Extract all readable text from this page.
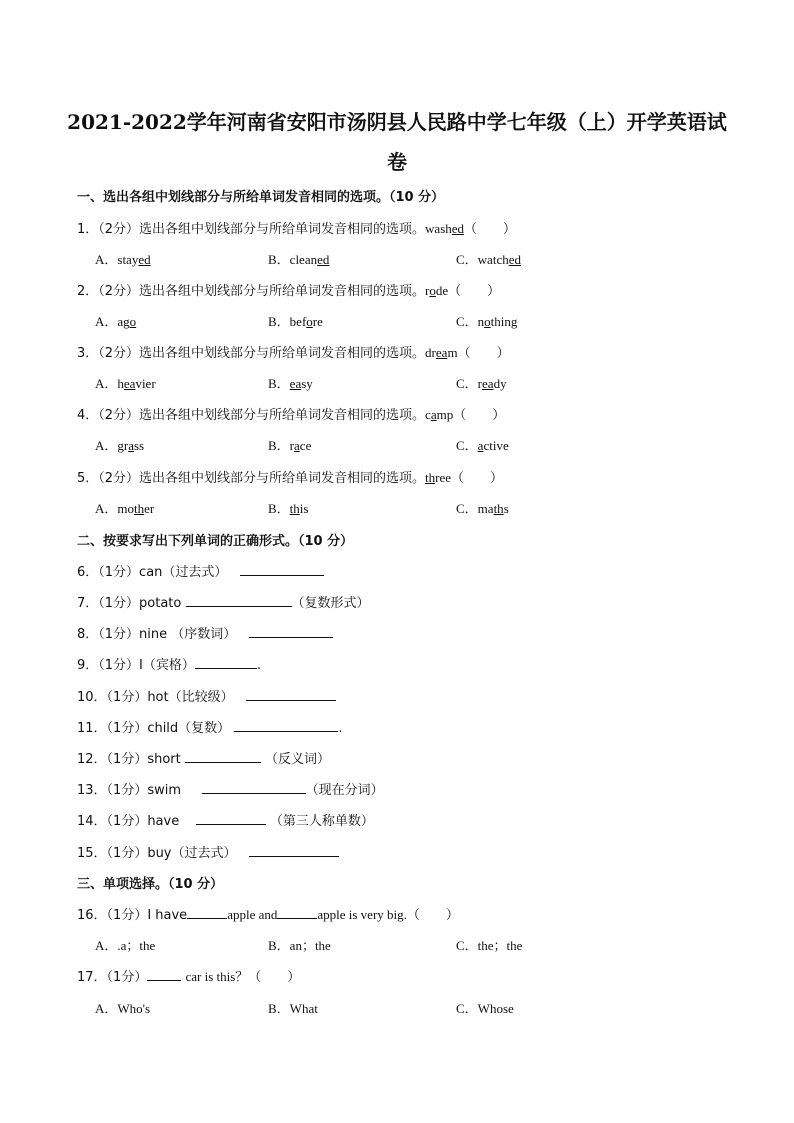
2021-2022学年河南省安阳市汤阴县人民路中学七年级（上）开学英语试卷
一、选出各组中划线部分与所给单词发音相同的选项。（10 分）
1．（2分）选出各组中划线部分与所给单词发音相同的选项。washed（　　）
A．stayed	B．cleaned	C．watched
2．（2分）选出各组中划线部分与所给单词发音相同的选项。rode（　　）
A．ago	B．before	C．nothing
3．（2分）选出各组中划线部分与所给单词发音相同的选项。dream（　　）
A．heavier	B．easy	C．ready
4．（2分）选出各组中划线部分与所给单词发音相同的选项。camp（　　）
A．grass	B．race	C．active
5．（2分）选出各组中划线部分与所给单词发音相同的选项。three（　　）
A．mother	B．this	C．maths
二、按要求写出下列单词的正确形式。（10 分）
6．（1分）can（过去式）
7．（1分）potato	（复数形式）
8．（1分）nine （序数词）
9．（1分）I（宾格）	.
10．（1分）hot（比较级）
11．（1分）child（复数）	.
12．（1分）short	（反义词）
13．（1分）swim	（现在分词）
14．（1分）have	（第三人称单数）
15．（1分）buy（过去式）
三、单项选择。（10 分）
16．（1分）I have	apple and	apple is very big.（　　）
A．.a；the	B．an；the	C．the；the
17．（1分）	car is this？（　　）
A．Who's	B．What	C．Whose
